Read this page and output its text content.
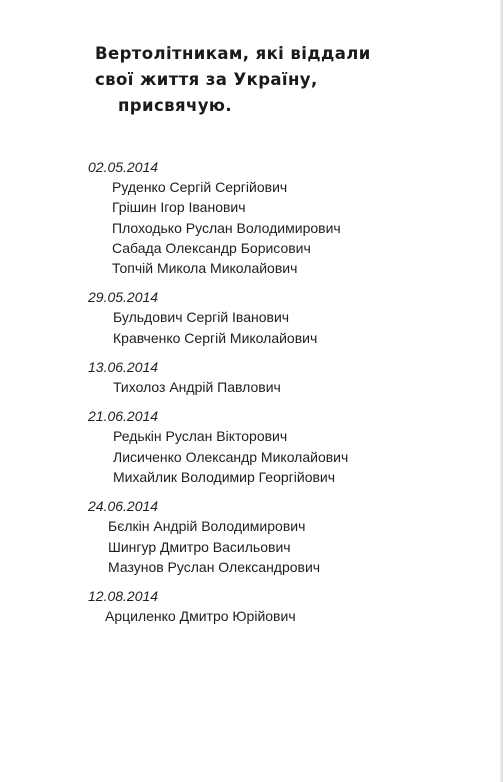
Вертолітникам, які віддали
свої життя за Україну,
присвячую.
02.05.2014
Руденко Сергій Сергійович
Грішин Ігор Іванович
Плоходько Руслан Володимирович
Сабада Олександр Борисович
Топчій Микола Миколайович
29.05.2014
Бульдович Сергій Іванович
Кравченко Сергій Миколайович
13.06.2014
Тихолоз Андрій Павлович
21.06.2014
Редькін Руслан Вікторович
Лисиченко Олександр Миколайович
Михайлик Володимир Георгійович
24.06.2014
Бєлкін Андрій Володимирович
Шингур Дмитро Васильович
Мазунов Руслан Олександрович
12.08.2014
Арциленко Дмитро Юрійович
